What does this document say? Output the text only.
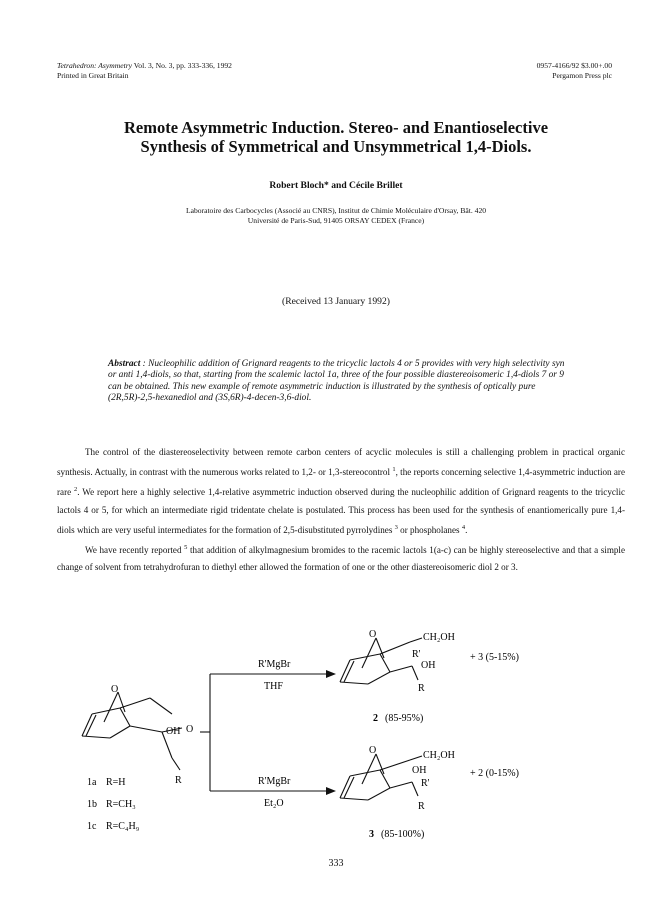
Tetrahedron: Asymmetry Vol. 3, No. 3, pp. 333-336, 1992
Printed in Great Britain
0957-4166/92 $3.00+.00
Pergamon Press plc
Remote Asymmetric Induction. Stereo- and Enantioselective
Synthesis of Symmetrical and Unsymmetrical 1,4-Diols.
Robert Bloch* and Cécile Brillet
Laboratoire des Carbocycles (Associé au CNRS), Institut de Chimie Moléculaire d'Orsay, Bât. 420
Université de Paris-Sud, 91405 ORSAY CEDEX (France)
(Received 13 January 1992)
Abstract : Nucleophilic addition of Grignard reagents to the tricyclic lactols 4 or 5 provides with very high selectivity syn or anti 1,4-diols, so that, starting from the scalemic lactol 1a, three of the four possible diastereoisomeric 1,4-diols 7 or 9 can be obtained. This new example of remote asymmetric induction is illustrated by the synthesis of optically pure (2R,5R)-2,5-hexanediol and (3S,6R)-4-decen-3,6-diol.

The control of the diastereoselectivity between remote carbon centers of acyclic molecules is still a challenging problem in practical organic synthesis. Actually, in contrast with the numerous works related to 1,2- or 1,3-stereocontrol $^1$, the reports concerning selective 1,4-asymmetric induction are rare $^2$. We report here a highly selective 1,4-relative asymmetric induction observed during the nucleophilic addition of Grignard reagents to the tricyclic lactols 4 or 5, for which an intermediate rigid tridentate chelate is postulated. This process has been used for the synthesis of enantiomerically pure 1,4-diols which are very useful intermediates for the formation of 2,5-disubstituted pyrrolydines $^3$ or phospholanes $^4$.

We have recently reported $^5$ that addition of alkylmagnesium bromides to the racemic lactols 1(a-c) can be highly stereoselective and that a simple change of solvent from tetrahydrofuran to diethyl ether allowed the formation of one or the other diastereoisomeric diol 2 or 3.

O
OH O
R
1a R=H
1b R=CH₃
1c R=C₄H₉
R'MgBr
THF
R'MgBr
Et₂O
O	CH₂OH
R'
OH
R
+ 3 (5-15%)
2 (85-95%)
O	CH₂OH
OH
R'
R
+ 2 (0-15%)
3 (85-100%)
333
